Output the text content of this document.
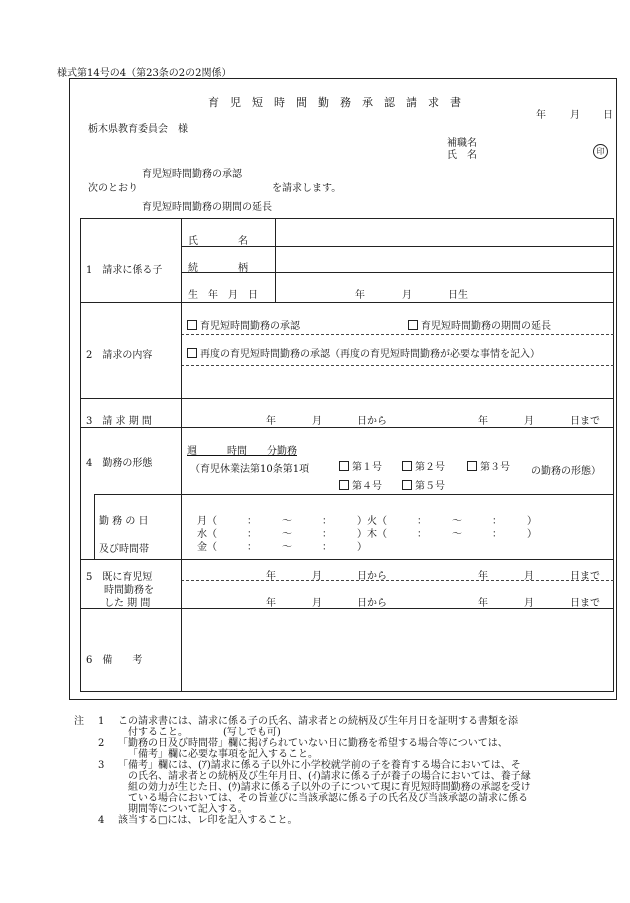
様式第14号の4（第23条の2の2関係）
育　児　短　時　間　勤　務　承　認　請　求　書
年 月 日
栃木県教育委員会　様
補職名
氏　名	印
育児短時間勤務の承認
次のとおり	を請求します。
育児短時間勤務の期間の延長
1　請求に係る子
氏　　　　名
続　　　　柄
生　年　月　日	年	月	日生
2　請求の内容
育児短時間勤務の承認	育児短時間勤務の期間の延長
再度の育児短時間勤務の承認（再度の育児短時間勤務が必要な事情を記入）
3　請 求 期 間	年	月	日から	年	月	日まで
4　勤務の形態
週　　　時間　　分勤務
（育児休業法第10条第1項	第１号	第２号	第３号 の勤務の形態）
第４号	第５号
勤 務 の 日
及び時間帯
月（　　　：　　　〜　　　：　　　）火（　　　：　　　〜　　　：　　　）
水（　　　：　　　〜　　　：　　　）木（　　　：　　　〜　　　：　　　）
金（　　　：　　　〜　　　：　　　）
5　既に育児短
時間勤務を
した 期 間
年	月	日から	年	月	日まで
年	月	日から	年	月	日まで
6　備　　考
注 1 この請求書には、請求に係る子の氏名、請求者との続柄及び生年月日を証明する書類を添
付すること。　　　　(写しでも可)
2 「勤務の日及び時間帯」欄に掲げられていない日に勤務を希望する場合等については、
「備考」欄に必要な事項を記入すること。
3 「備考」欄には、(ｱ)請求に係る子以外に小学校就学前の子を養育する場合においては、そ
の氏名、請求者との続柄及び生年月日、(ｲ)請求に係る子が養子の場合においては、養子縁
組の効力が生じた日、(ｳ)請求に係る子以外の子について現に育児短時間勤務の承認を受け
ている場合においては、その旨並びに当該承認に係る子の氏名及び当該承認の請求に係る
期間等について記入する。
4 該当する□には、レ印を記入すること。
